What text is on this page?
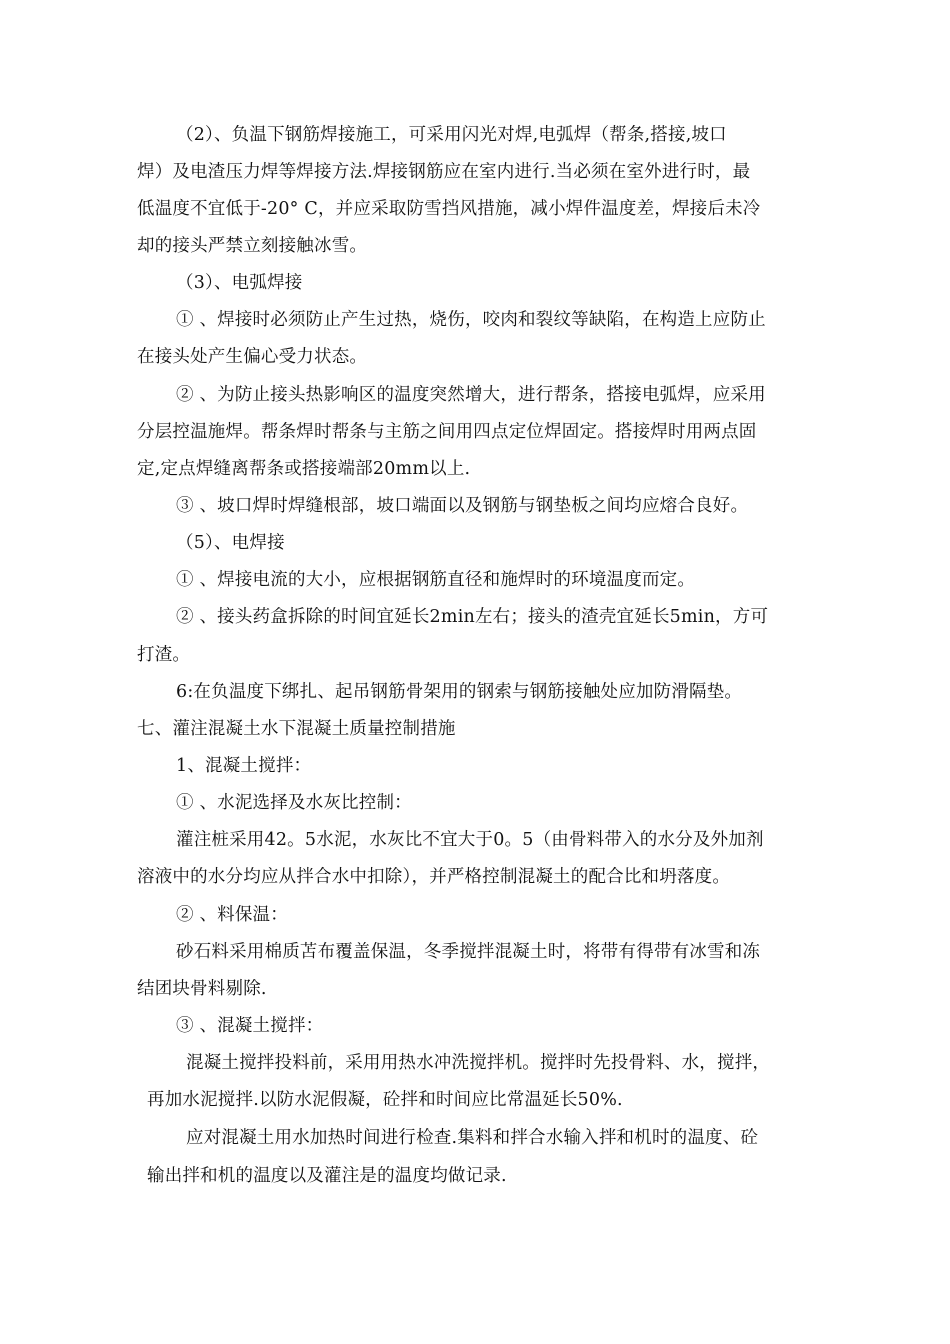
（2）、负温下钢筋焊接施工，可采用闪光对焊,电弧焊（帮条,搭接,坡口
焊）及电渣压力焊等焊接方法.焊接钢筋应在室内进行.当必须在室外进行时，最
低温度不宜低于-20° C，并应采取防雪挡风措施，减小焊件温度差，焊接后未冷
却的接头严禁立刻接触冰雪。
（3）、电弧焊接
① 、焊接时必须防止产生过热，烧伤，咬肉和裂纹等缺陷，在构造上应防止
在接头处产生偏心受力状态。
② 、为防止接头热影响区的温度突然增大，进行帮条，搭接电弧焊，应采用
分层控温施焊。帮条焊时帮条与主筋之间用四点定位焊固定。搭接焊时用两点固
定,定点焊缝离帮条或搭接端部20mm以上.
③ 、坡口焊时焊缝根部，坡口端面以及钢筋与钢垫板之间均应熔合良好。
（5）、电焊接
① 、焊接电流的大小，应根据钢筋直径和施焊时的环境温度而定。
② 、接头药盒拆除的时间宜延长2min左右；接头的渣壳宜延长5min，方可
打渣。
6:在负温度下绑扎、起吊钢筋骨架用的钢索与钢筋接触处应加防滑隔垫。
七、灌注混凝土水下混凝土质量控制措施
1、混凝土搅拌：
① 、水泥选择及水灰比控制：
灌注桩采用42。5水泥，水灰比不宜大于0。5（由骨料带入的水分及外加剂
溶液中的水分均应从拌合水中扣除），并严格控制混凝土的配合比和坍落度。
② 、料保温：
砂石料采用棉质苫布覆盖保温，冬季搅拌混凝土时，将带有得带有冰雪和冻
结团块骨料剔除.
③ 、混凝土搅拌：
混凝土搅拌投料前，采用用热水冲洗搅拌机。搅拌时先投骨料、水，搅拌，
再加水泥搅拌.以防水泥假凝，砼拌和时间应比常温延长50%.
应对混凝土用水加热时间进行检查.集料和拌合水输入拌和机时的温度、砼
输出拌和机的温度以及灌注是的温度均做记录.
